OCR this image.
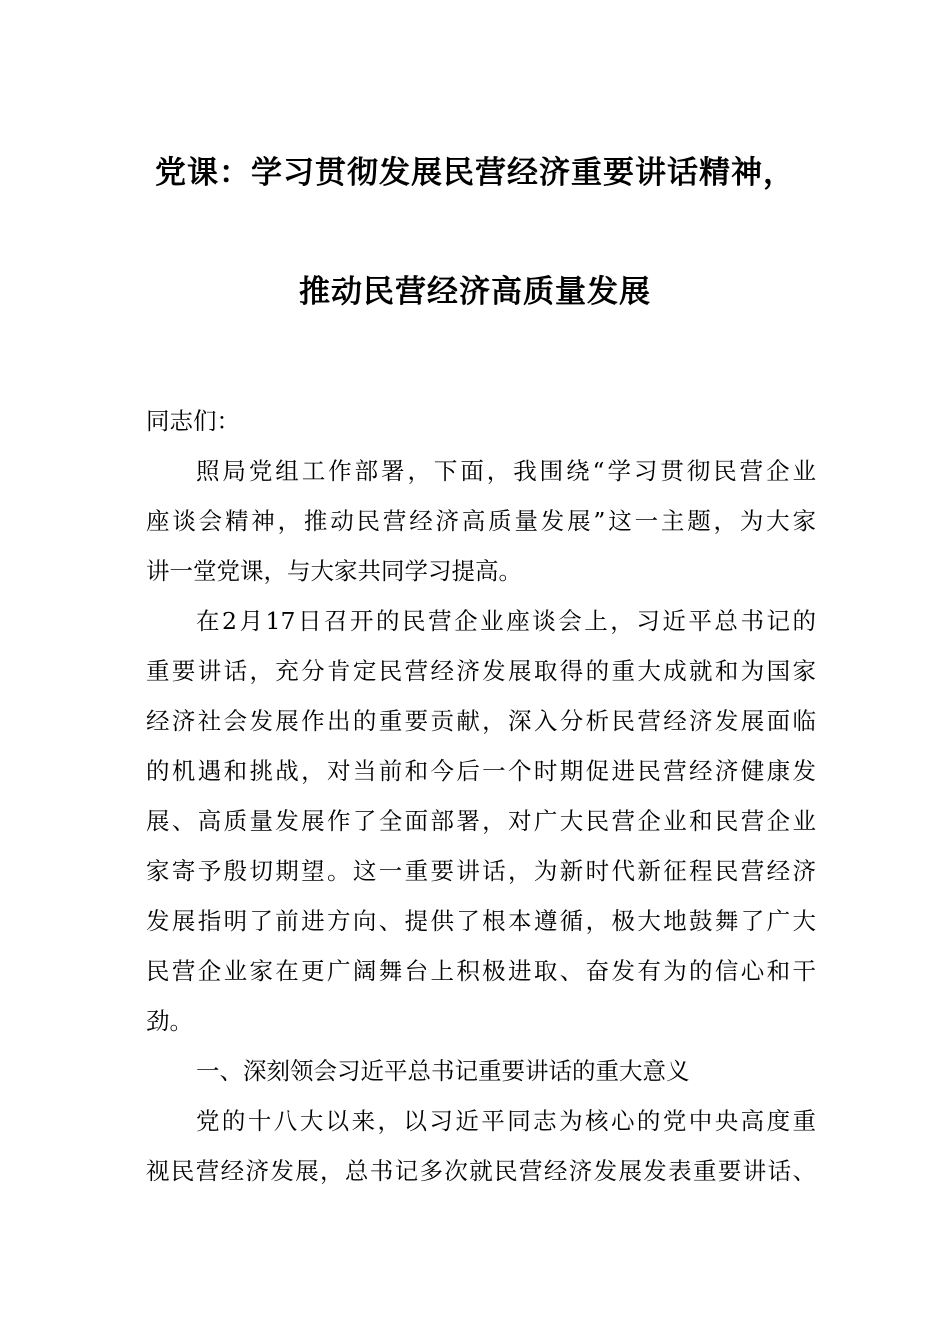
党课：学习贯彻发展民营经济重要讲话精神，
推动民营经济高质量发展
同志们：
照局党组工作部署，下面，我围绕“学习贯彻民营企业
座谈会精神，推动民营经济高质量发展”这一主题，为大家
讲一堂党课，与大家共同学习提高。
在2月17日召开的民营企业座谈会上，习近平总书记的
重要讲话，充分肯定民营经济发展取得的重大成就和为国家
经济社会发展作出的重要贡献，深入分析民营经济发展面临
的机遇和挑战，对当前和今后一个时期促进民营经济健康发
展、高质量发展作了全面部署，对广大民营企业和民营企业
家寄予殷切期望。这一重要讲话，为新时代新征程民营经济
发展指明了前进方向、提供了根本遵循，极大地鼓舞了广大
民营企业家在更广阔舞台上积极进取、奋发有为的信心和干
劲。
一、深刻领会习近平总书记重要讲话的重大意义
党的十八大以来，以习近平同志为核心的党中央高度重
视民营经济发展，总书记多次就民营经济发展发表重要讲话、
